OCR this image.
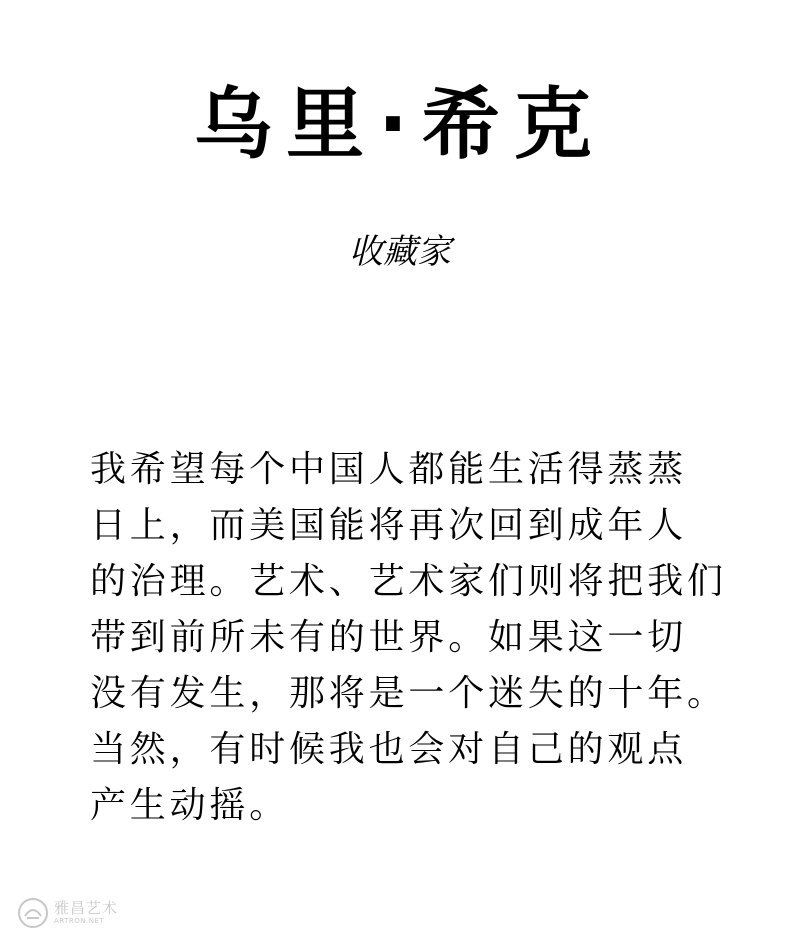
乌里·希克
收藏家
我希望每个中国人都能生活得蒸蒸
日上，而美国能将再次回到成年人
的治理。艺术、艺术家们则将把我们
带到前所未有的世界。如果这一切
没有发生，那将是一个迷失的十年。
当然，有时候我也会对自己的观点
产生动摇。
雅昌艺术
ARTRON.NET
